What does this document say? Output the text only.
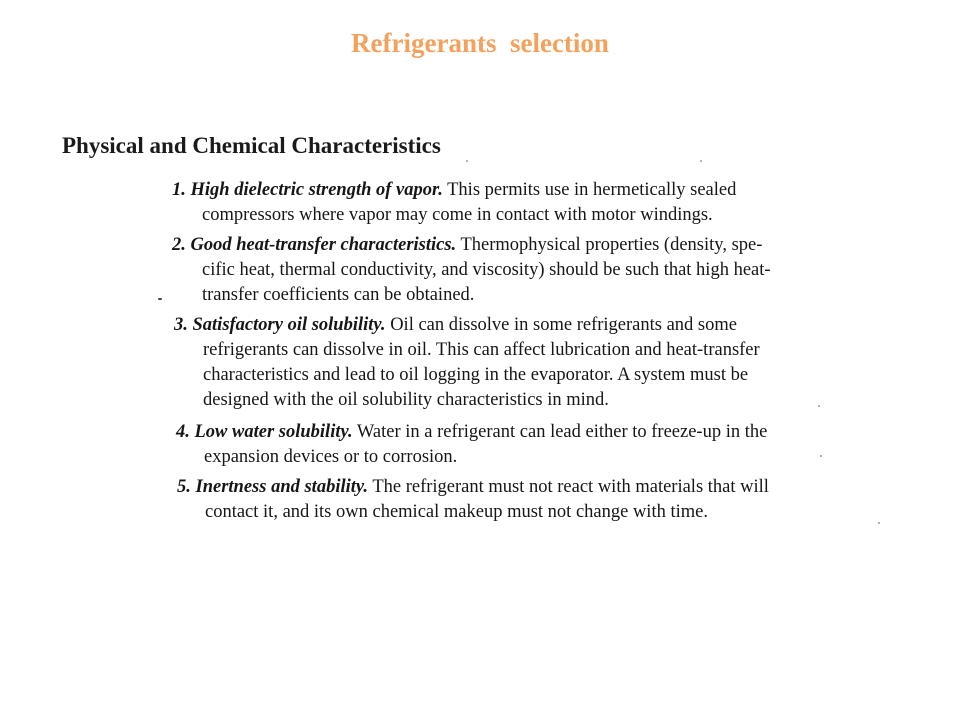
Refrigerants  selection
Physical and Chemical Characteristics
1. High dielectric strength of vapor. This permits use in hermetically sealed
compressors where vapor may come in contact with motor windings.
2. Good heat-transfer characteristics. Thermophysical properties (density, spe-
cific heat, thermal conductivity, and viscosity) should be such that high heat-
transfer coefficients can be obtained.
3. Satisfactory oil solubility. Oil can dissolve in some refrigerants and some
refrigerants can dissolve in oil. This can affect lubrication and heat-transfer
characteristics and lead to oil logging in the evaporator. A system must be
designed with the oil solubility characteristics in mind.
4. Low water solubility. Water in a refrigerant can lead either to freeze-up in the
expansion devices or to corrosion.
5. Inertness and stability. The refrigerant must not react with materials that will
contact it, and its own chemical makeup must not change with time.
